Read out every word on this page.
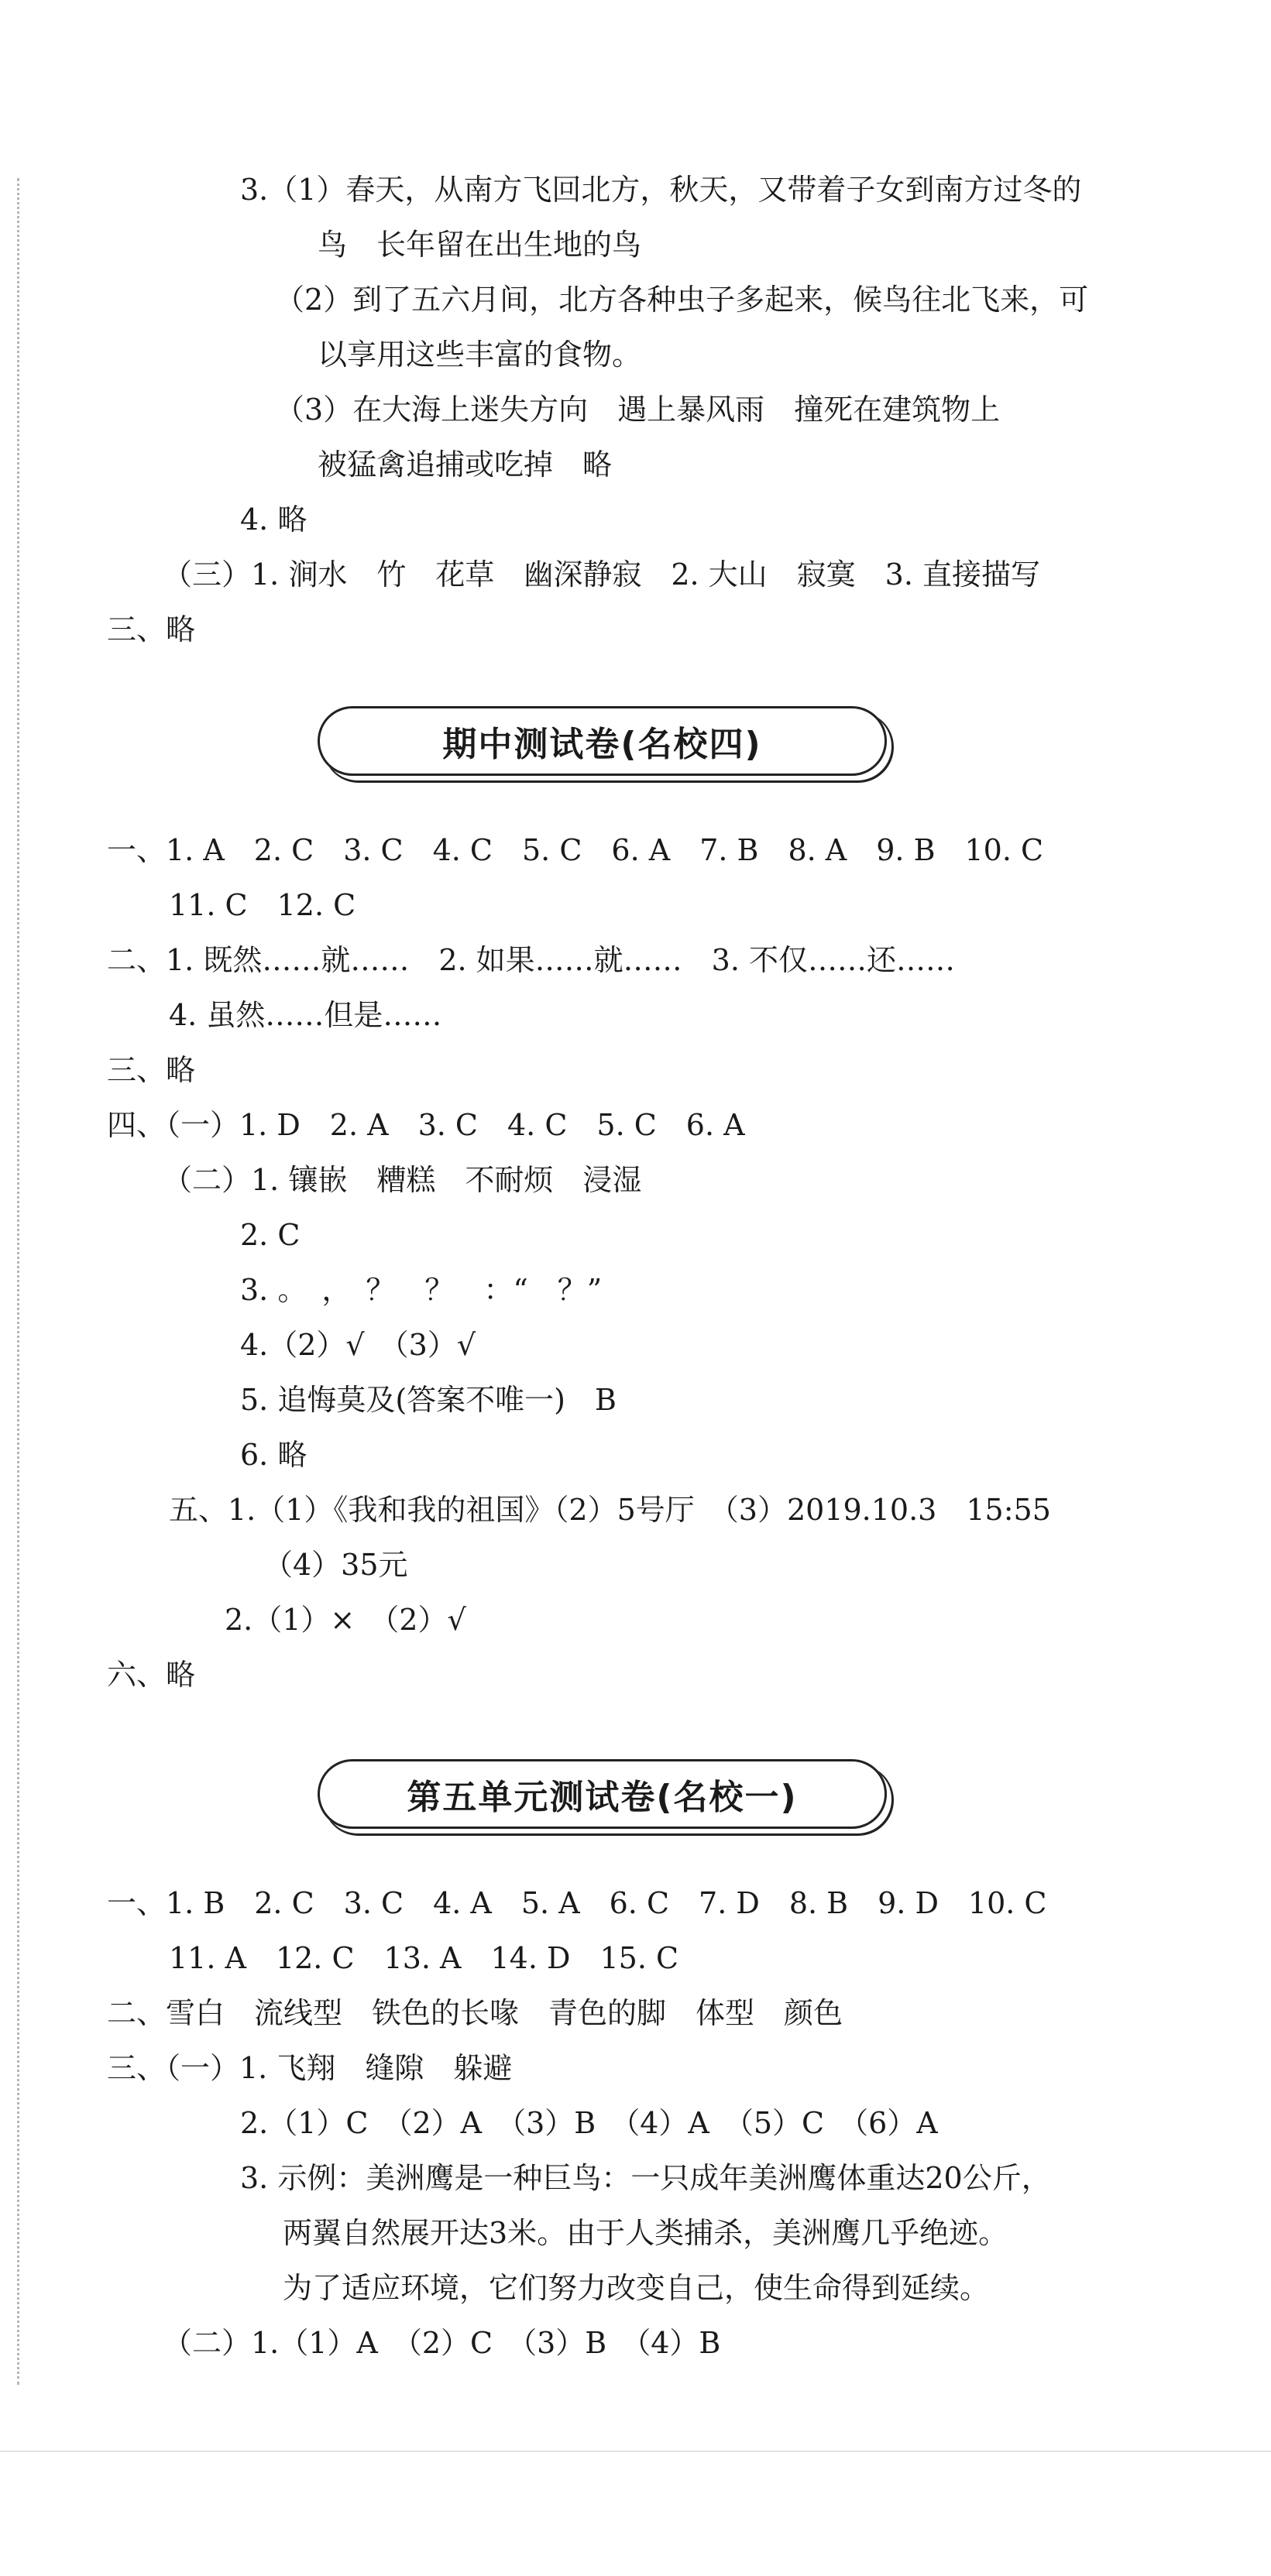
3.（1）春天，从南方飞回北方，秋天，又带着子女到南方过冬的
鸟　长年留在出生地的鸟
（2）到了五六月间，北方各种虫子多起来，候鸟往北飞来，可
以享用这些丰富的食物。
（3）在大海上迷失方向　遇上暴风雨　撞死在建筑物上
被猛禽追捕或吃掉　略
4. 略
（三）1. 涧水　竹　花草　幽深静寂　2. 大山　寂寞　3. 直接描写
三、略
期中测试卷(名校四)
一、1. A　2. C　3. C　4. C　5. C　6. A　7. B　8. A　9. B　10. C
11. C　12. C
二、1. 既然……就……　2. 如果……就……　3. 不仅……还……
4. 虽然……但是……
三、略
四、（一）1. D　2. A　3. C　4. C　5. C　6. A
（二）1. 镶嵌　糟糕　不耐烦　浸湿
2. C
3. 。　，　？　？　：“　？”
4.（2）√　（3）√
5. 追悔莫及(答案不唯一)　B
6. 略
五、1.（1）《我和我的祖国》（2）5号厅　（3）2019.10.3　15:55
（4）35元
2.（1）×　（2）√
六、略
第五单元测试卷(名校一)
一、1. B　2. C　3. C　4. A　5. A　6. C　7. D　8. B　9. D　10. C
11. A　12. C　13. A　14. D　15. C
二、雪白　流线型　铁色的长喙　青色的脚　体型　颜色
三、（一）1. 飞翔　缝隙　躲避
2.（1）C　（2）A　（3）B　（4）A　（5）C　（6）A
3. 示例：美洲鹰是一种巨鸟：一只成年美洲鹰体重达20公斤，
两翼自然展开达3米。由于人类捕杀，美洲鹰几乎绝迹。
为了适应环境，它们努力改变自己，使生命得到延续。
（二）1.（1）A　（2）C　（3）B　（4）B
